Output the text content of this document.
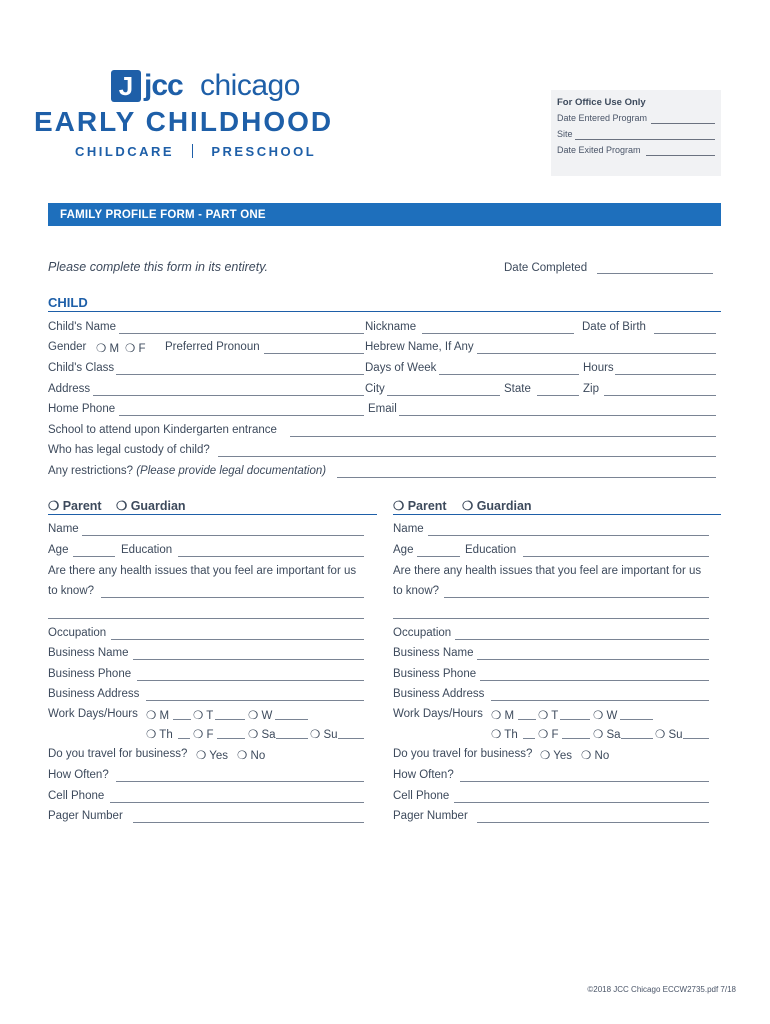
J jcc chicago
EARLY CHILDHOOD
CHILDCARE	PRESCHOOL
For Office Use Only
Date Entered Program
Site
Date Exited Program
FAMILY PROFILE FORM - PART ONE
Please complete this form in its entirety.	Date Completed
CHILD
Child's Name	Nickname	Date of Birth
Gender ❍ M ❍ F Preferred Pronoun	Hebrew Name, If Any
Child's Class	Days of Week	Hours
Address	City	State	Zip
Home Phone	Email
School to attend upon Kindergarten entrance
Who has legal custody of child?
Any restrictions? (Please provide legal documentation)
❍ Parent ❍ Guardian
Name
Age	Education
Are there any health issues that you feel are important for us
to know?
Occupation
Business Name
Business Phone
Business Address
Work Days/Hours ❍ M ❍ T	❍ W
❍ Th ❍ F	❍ Sa	❍ Su
Do you travel for business? ❍ Yes ❍ No
How Often?
Cell Phone
Pager Number
❍ Parent ❍ Guardian
Name
Age	Education
Are there any health issues that you feel are important for us
to know?
Occupation
Business Name
Business Phone
Business Address
Work Days/Hours ❍ M ❍ T	❍ W
❍ Th ❍ F	❍ Sa	❍ Su
Do you travel for business? ❍ Yes ❍ No
How Often?
Cell Phone
Pager Number
©2018 JCC Chicago ECCW2735.pdf 7/18
